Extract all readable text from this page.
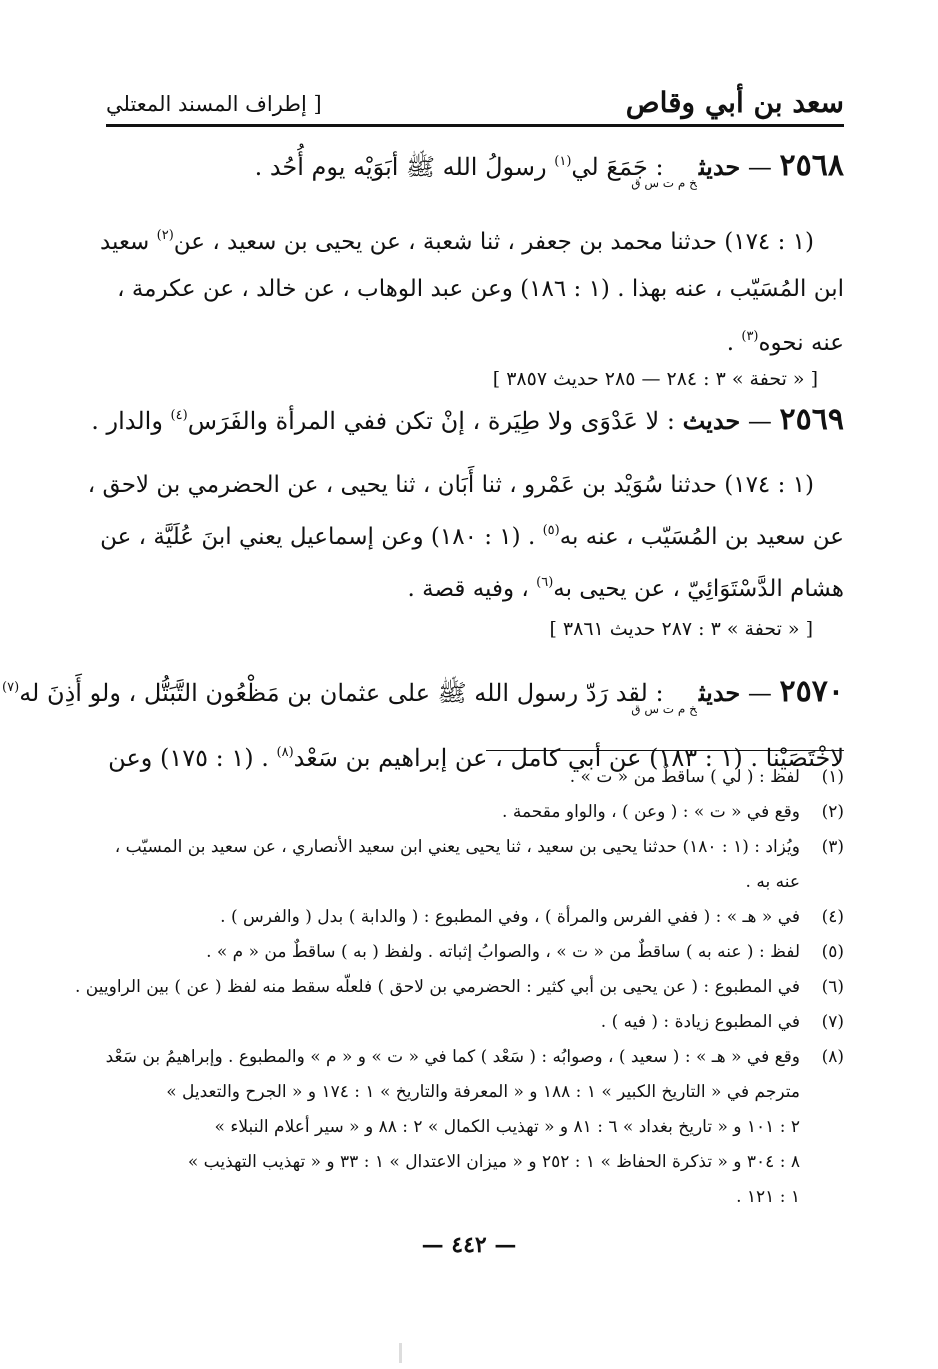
سعد بن أبي وقاص
[ إطراف المسند المعتلي
٢٥٦٨ — حديث$_{خ م ت س ق}$ : جَمَعَ لي$^{(١)}$ رسولُ الله ﷺ أبَوَيْه يوم أُحُد .
(١ : ١٧٤) حدثنا محمد بن جعفر ، ثنا شعبة ، عن يحيى بن سعيد ، عن$^{(٢)}$ سعيد
ابن المُسَيّب ، عنه بهذا . (١ : ١٨٦) وعن عبد الوهاب ، عن خالد ، عن عكرمة ،
عنه نحوه$^{(٣)}$ .
[ « تحفة » ٣ : ٢٨٤ — ٢٨٥ حديث ٣٨٥٧ ]
٢٥٦٩ — حديث : لا عَدْوَى ولا طِيَرة ، إنْ تكن ففي المرأة والفَرَس$^{(٤)}$ والدار .
(١ : ١٧٤) حدثنا سُوَيْد بن عَمْرو ، ثنا أَبَان ، ثنا يحيى ، عن الحضرمي بن لاحق ،
عن سعيد بن المُسَيّب ، عنه به$^{(٥)}$ . (١ : ١٨٠) وعن إسماعيل يعني ابنَ عُلَيَّة ، عن
هشام الدَّسْتَوَائِيّ ، عن يحيى به$^{(٦)}$ ، وفيه قصة .
[ « تحفة » ٣ : ٢٨٧ حديث ٣٨٦١ ]
٢٥٧٠ — حديث$_{خ م ت س ق}$ : لقد رَدّ رسول الله ﷺ على عثمان بن مَظْعُون التَّبَتُّل ، ولو أَذِنَ له$^{(٧)}$
لاخْتَصَيْنا . (١ : ١٨٣) عن أبي كامل ، عن إبراهيم بن سَعْد$^{(٨)}$ . (١ : ١٧٥) وعن
(١)
لفظ : ( لي ) ساقطٌ من « ت » .
(٢)
وقع في « ت » : ( وعن ) ، والواو مقحمة .
(٣)
ويُزاد : (١ : ١٨٠) حدثنا يحيى بن سعيد ، ثنا يحيى يعني ابن سعيد الأنصاري ، عن سعيد بن المسيّب ،
عنه به .
(٤)
في « هـ » : ( ففي الفرس والمرأة ) ، وفي المطبوع : ( والدابة ) بدل ( والفرس ) .
(٥)
لفظ : ( عنه به ) ساقطٌ من « ت » ، والصوابُ إثباته . ولفظ ( به ) ساقطٌ من « م » .
(٦)
في المطبوع : ( عن يحيى بن أبي كثير : الحضرمي بن لاحق ) فلعلّه سقط منه لفظ ( عن ) بين الراويين .
(٧)
في المطبوع زيادة : ( فيه ) .
(٨)
وقع في « هـ » : ( سعيد ) ، وصوابُه : ( سَعْد ) كما في « ت » و « م » والمطبوع . وإبراهيمُ بن سَعْد
مترجم في « التاريخ الكبير » ١ : ١٨٨ و « المعرفة والتاريخ » ١ : ١٧٤ و « الجرح والتعديل »
٢ : ١٠١ و « تاريخ بغداد » ٦ : ٨١ و « تهذيب الكمال » ٢ : ٨٨ و « سير أعلام النبلاء »
٨ : ٣٠٤ و « تذكرة الحفاظ » ١ : ٢٥٢ و « ميزان الاعتدال » ١ : ٣٣ و « تهذيب التهذيب »
١ : ١٢١ .
— ٤٤٢ —
